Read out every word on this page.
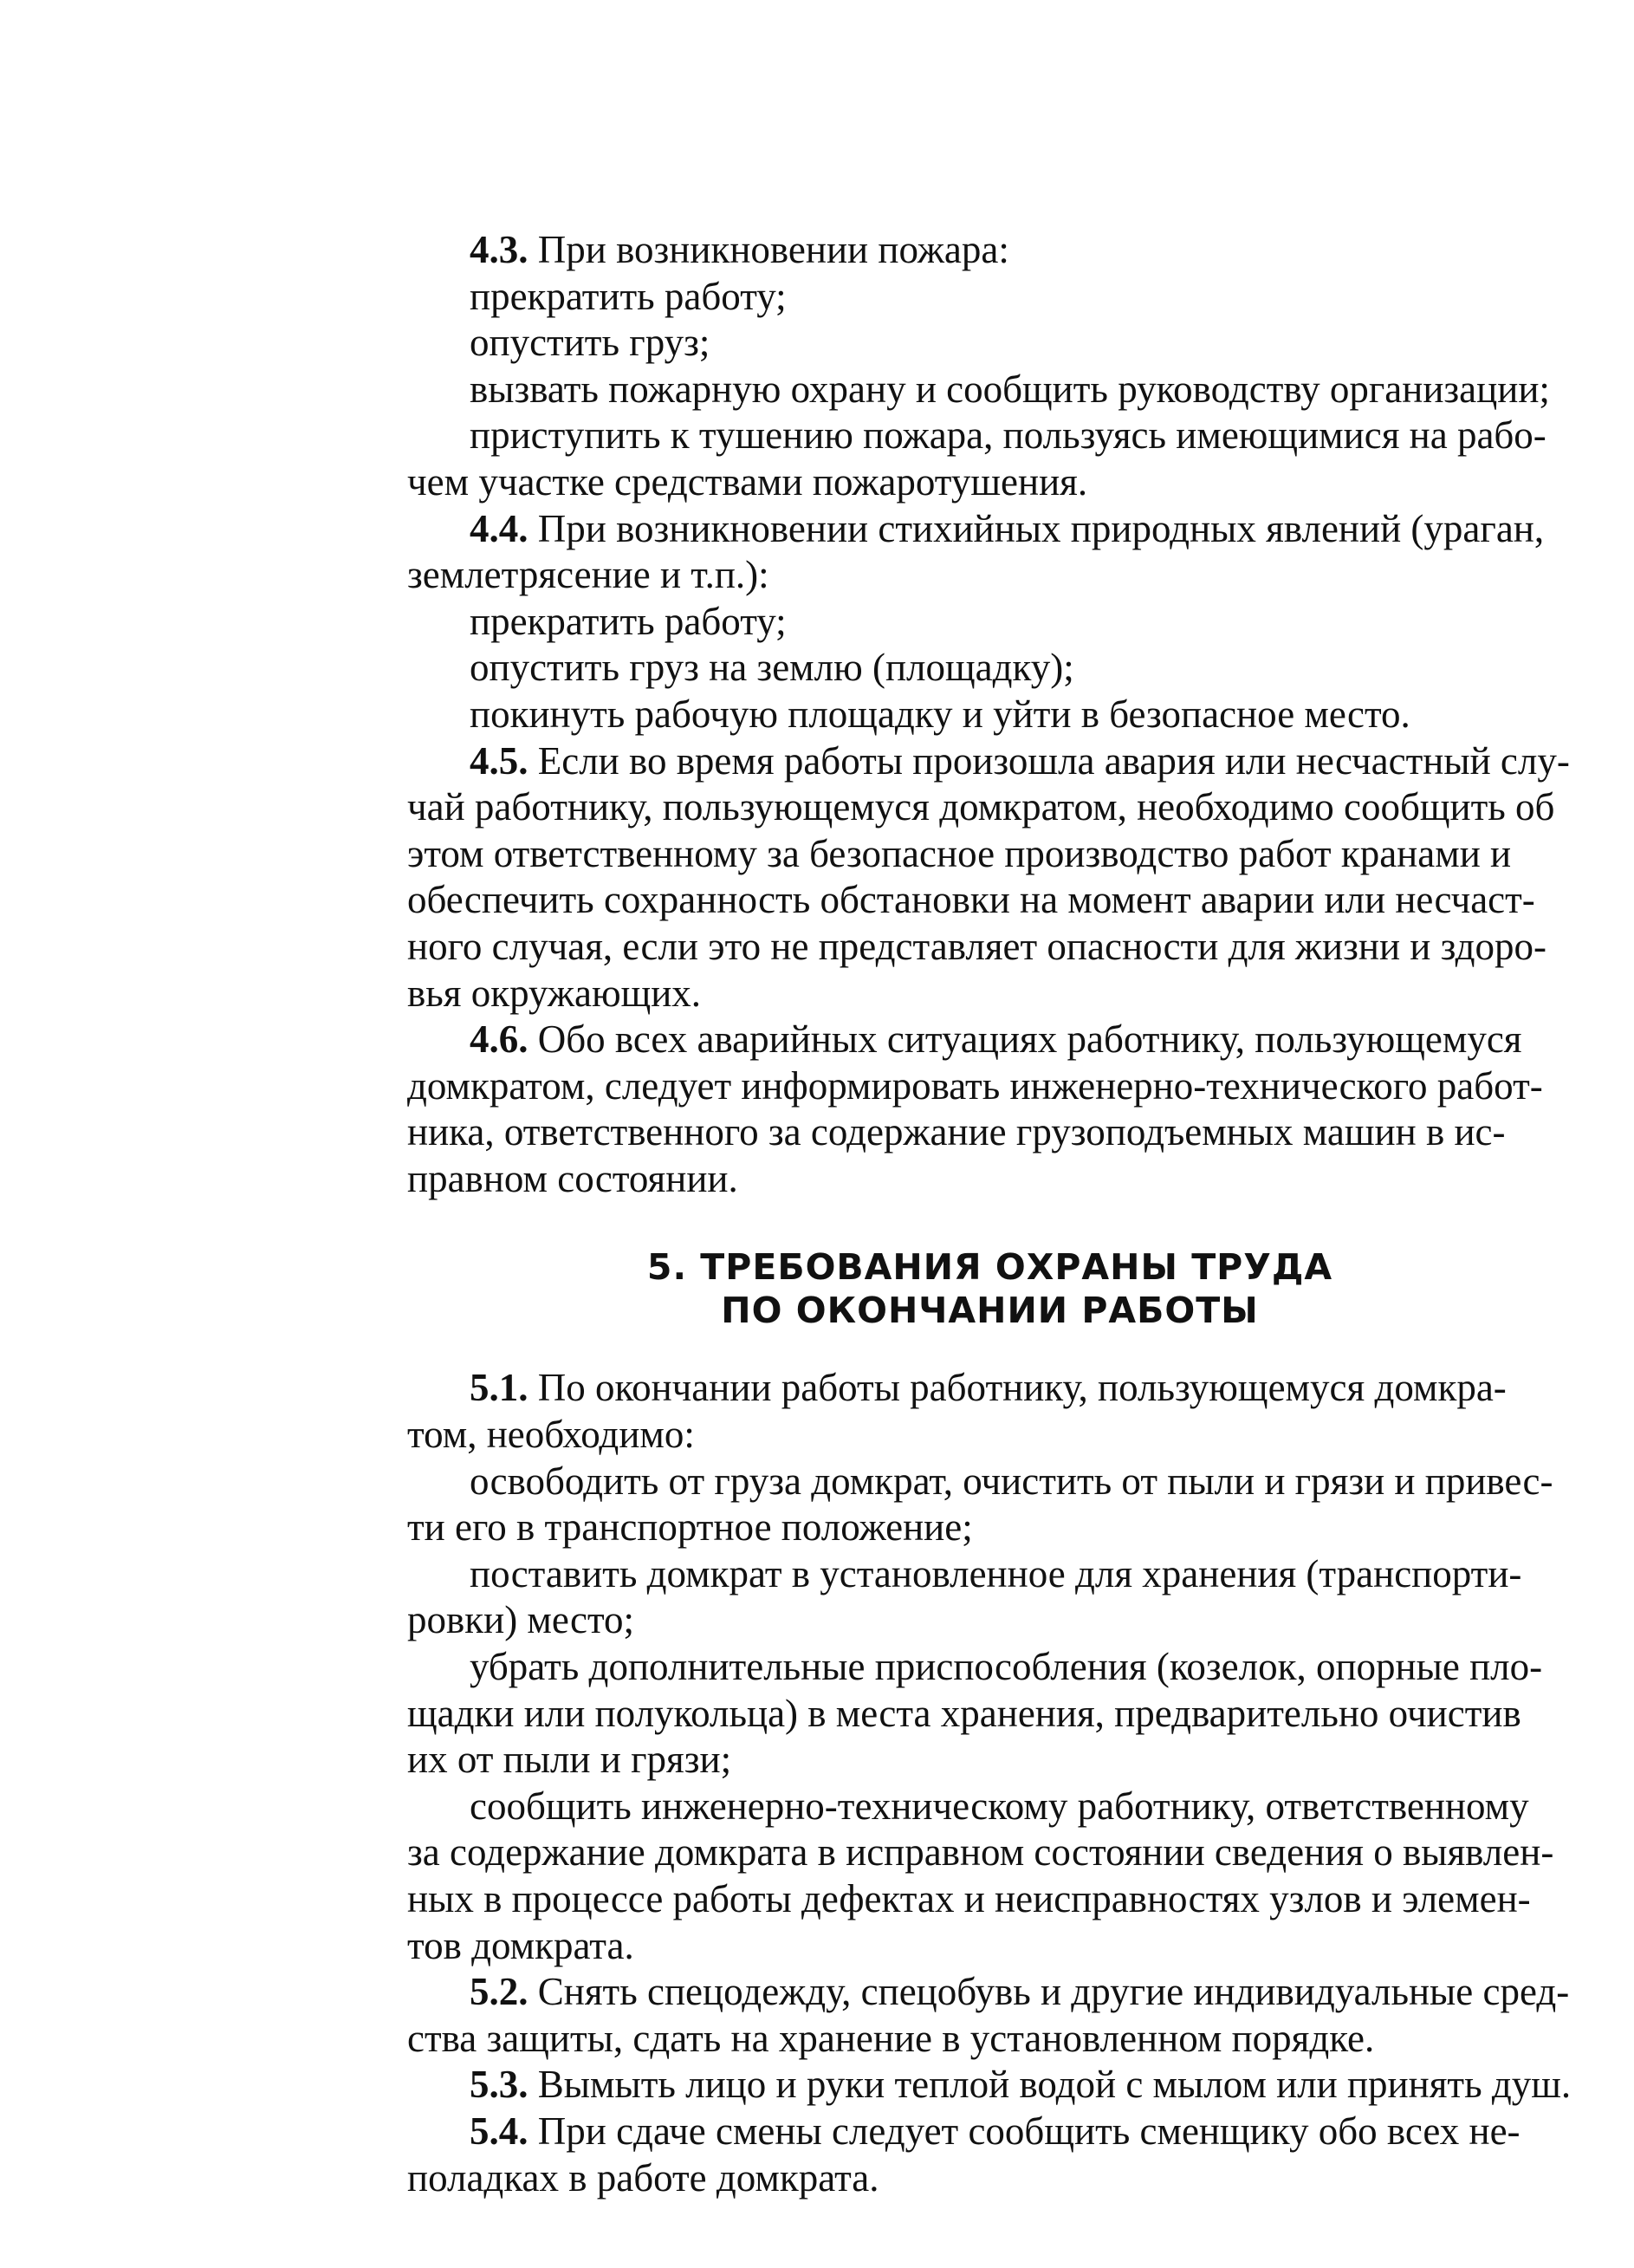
4.3. При возникновении пожара:

прекратить работу;

опустить груз;

вызвать пожарную охрану и сообщить руководству организации;

приступить к тушению пожара, пользуясь имеющимися на рабо-
чем участке средствами пожаротушения.

4.4. При возникновении стихийных природных явлений (ураган,
землетрясение и т.п.):

прекратить работу;

опустить груз на землю (площадку);

покинуть рабочую площадку и уйти в безопасное место.

4.5. Если во время работы произошла авария или несчастный слу-
чай работнику, пользующемуся домкратом, необходимо сообщить об
этом ответственному за безопасное производство работ кранами и
обеспечить сохранность обстановки на момент аварии или несчаст-
ного случая, если это не представляет опасности для жизни и здоро-
вья окружающих.

4.6. Обо всех аварийных ситуациях работнику, пользующемуся
домкратом, следует информировать инженерно-технического работ-
ника, ответственного за содержание грузоподъемных машин в ис-
правном состоянии.

5. ТРЕБОВАНИЯ ОХРАНЫ ТРУДА
ПО ОКОНЧАНИИ РАБОТЫ

5.1. По окончании работы работнику, пользующемуся домкра-
том, необходимо:

освободить от груза домкрат, очистить от пыли и грязи и привес-
ти его в транспортное положение;

поставить домкрат в установленное для хранения (транспорти-
ровки) место;

убрать дополнительные приспособления (козелок, опорные пло-
щадки или полукольца) в места хранения, предварительно очистив
их от пыли и грязи;

сообщить инженерно-техническому работнику, ответственному
за содержание домкрата в исправном состоянии сведения о выявлен-
ных в процессе работы дефектах и неисправностях узлов и элемен-
тов домкрата.

5.2. Снять спецодежду, спецобувь и другие индивидуальные сред-
ства защиты, сдать на хранение в установленном порядке.

5.3. Вымыть лицо и руки теплой водой с мылом или принять душ.

5.4. При сдаче смены следует сообщить сменщику обо всех не-
поладках в работе домкрата.
